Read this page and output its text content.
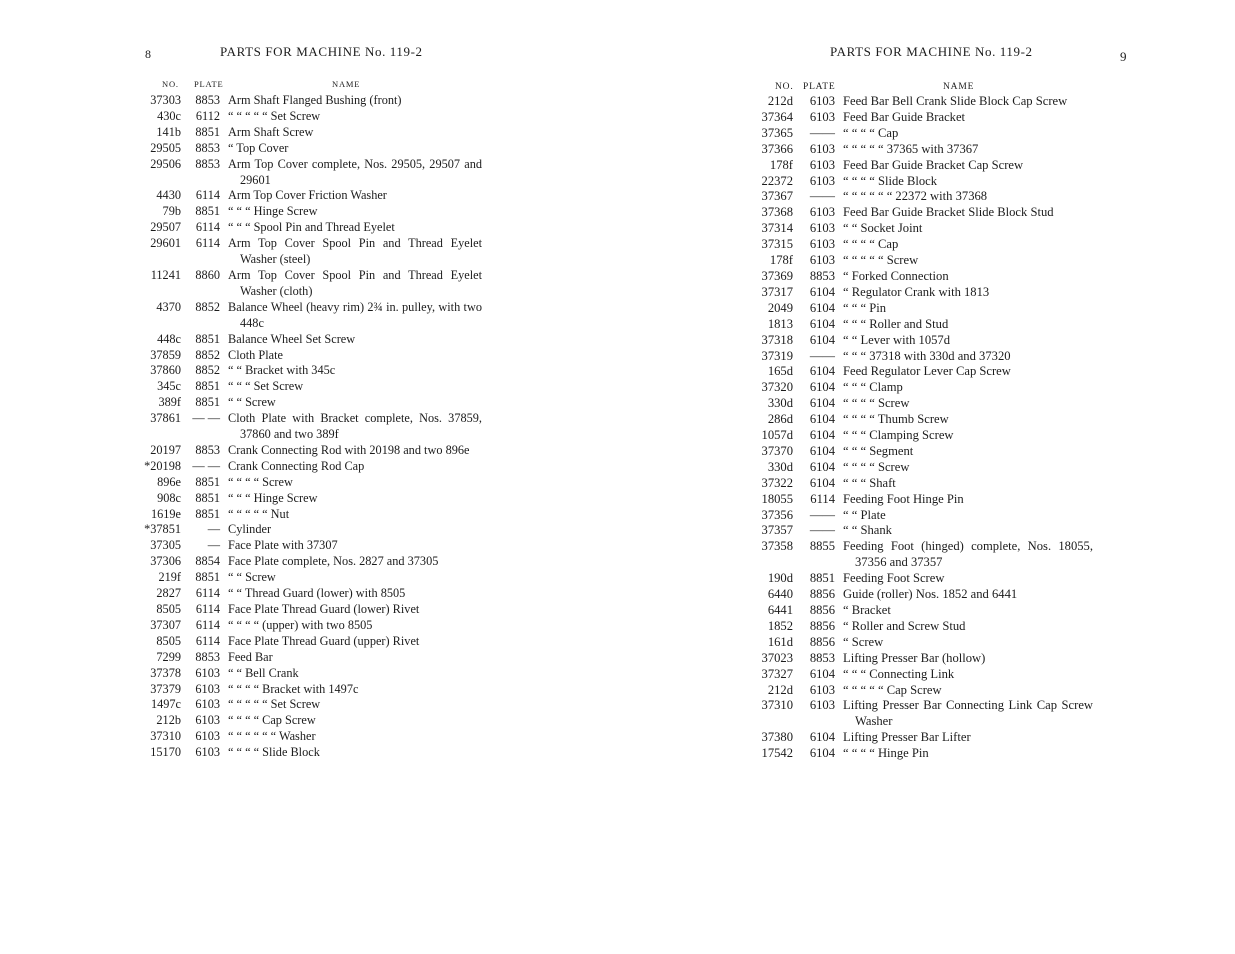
8	PARTS FOR MACHINE No. 119-2
NO. PLATE	NAME
37303	8853 Arm Shaft Flanged Bushing (front)
430c	6112 “ “ “ “ “ Set Screw
141b	8851 Arm Shaft Screw
29505	8853 “ Top Cover
29506	8853 Arm Top Cover complete, Nos. 29505, 29507 and 29601
4430	6114 Arm Top Cover Friction Washer
79b	8851 “ “ “ Hinge Screw
29507	6114 “ “ “ Spool Pin and Thread Eyelet
29601	6114 Arm Top Cover Spool Pin and Thread Eyelet Washer (steel)
11241	8860 Arm Top Cover Spool Pin and Thread Eyelet Washer (cloth)
4370	8852 Balance Wheel (heavy rim) 2¾ in. pulley, with two 448c
448c	8851 Balance Wheel Set Screw
37859	8852 Cloth Plate
37860	8852 “ “ Bracket with 345c
345c	8851 “ “ “ Set Screw
389f	8851 “ “ Screw
37861 — — Cloth Plate with Bracket complete, Nos. 37859, 37860 and two 389f
20197	8853 Crank Connecting Rod with 20198 and two 896e
*20198 — — Crank Connecting Rod Cap
896e	8851 “ “ “ “ Screw
908c	8851 “ “ “ Hinge Screw
1619e	8851 “ “ “ “ “ Nut
*37851	— Cylinder
37305	— Face Plate with 37307
37306	8854 Face Plate complete, Nos. 2827 and 37305
219f	8851 “ “ Screw
2827	6114 “ “ Thread Guard (lower) with 8505
8505	6114 Face Plate Thread Guard (lower) Rivet
37307	6114 “ “ “ “ (upper) with two 8505
8505	6114 Face Plate Thread Guard (upper) Rivet
7299	8853 Feed Bar
37378	6103 “ “ Bell Crank
37379	6103 “ “ “ “ Bracket with 1497c
1497c	6103 “ “ “ “ “ Set Screw
212b	6103 “ “ “ “ Cap Screw
37310	6103 “ “ “ “ “ “ Washer
15170	6103 “ “ “ “ Slide Block
PARTS FOR MACHINE No. 119-2	9
NO. PLATE	NAME
212d	6103 Feed Bar Bell Crank Slide Block Cap Screw
37364	6103 Feed Bar Guide Bracket
37365	—— “ “ “ “ Cap
37366	6103 “ “ “ “ “ 37365 with 37367
178f	6103 Feed Bar Guide Bracket Cap Screw
22372	6103 “ “ “ “ Slide Block
37367	—— “ “ “ “ “ “ 22372 with 37368
37368	6103 Feed Bar Guide Bracket Slide Block Stud
37314	6103 “ “ Socket Joint
37315	6103 “ “ “ “ Cap
178f	6103 “ “ “ “ “ Screw
37369	8853 “ Forked Connection
37317	6104 “ Regulator Crank with 1813
2049	6104 “ “ “ Pin
1813	6104 “ “ “ Roller and Stud
37318	6104 “ “ Lever with 1057d
37319	—— “ “ “ 37318 with 330d and 37320
165d	6104 Feed Regulator Lever Cap Screw
37320	6104 “ “ “ Clamp
330d	6104 “ “ “ “ Screw
286d	6104 “ “ “ “ Thumb Screw
1057d	6104 “ “ “ Clamping Screw
37370	6104 “ “ “ Segment
330d	6104 “ “ “ “ Screw
37322	6104 “ “ “ Shaft
18055	6114 Feeding Foot Hinge Pin
37356	—— “ “ Plate
37357	—— “ “ Shank
37358	8855 Feeding Foot (hinged) complete, Nos. 18055, 37356 and 37357
190d	8851 Feeding Foot Screw
6440	8856 Guide (roller) Nos. 1852 and 6441
6441	8856 “ Bracket
1852	8856 “ Roller and Screw Stud
161d	8856 “ Screw
37023	8853 Lifting Presser Bar (hollow)
37327	6104 “ “ “ Connecting Link
212d	6103 “ “ “ “ “ Cap Screw
37310	6103 Lifting Presser Bar Connecting Link Cap Screw Washer
37380	6104 Lifting Presser Bar Lifter
17542	6104 “ “ “ “ Hinge Pin
